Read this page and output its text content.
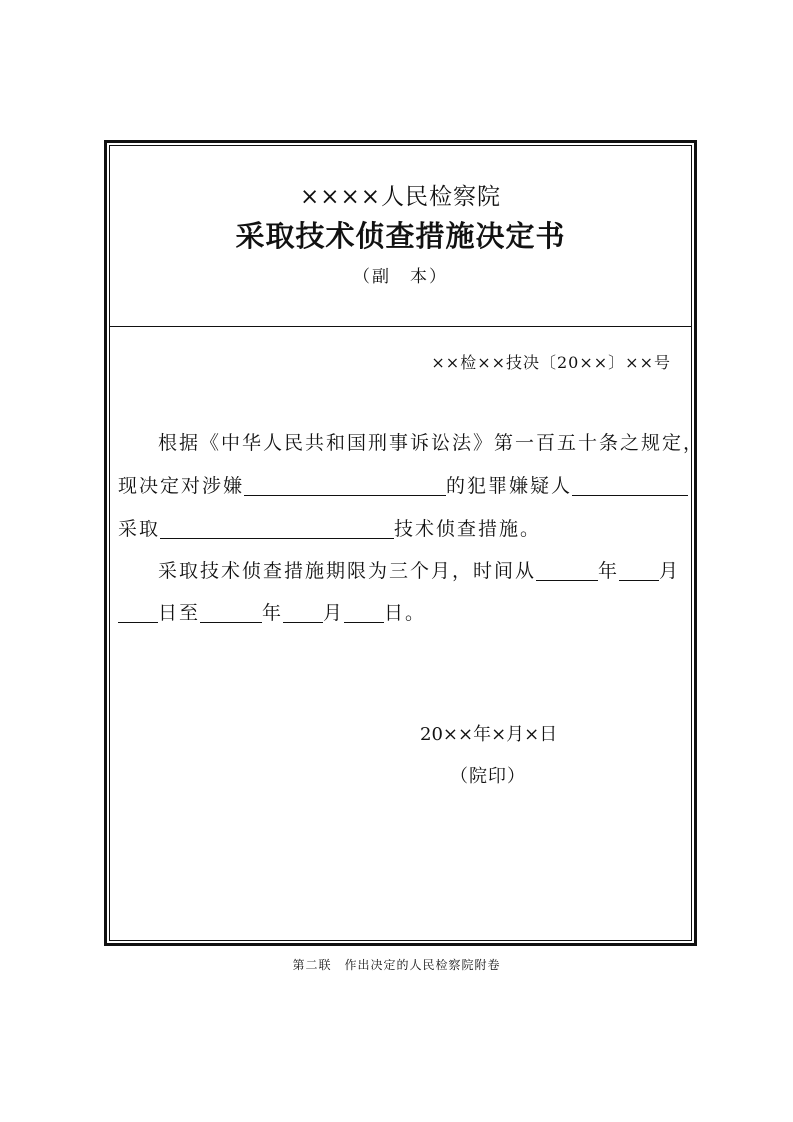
××××人民检察院
采取技术侦查措施决定书
（副　本）
××检××技决〔20××〕××号
根据《中华人民共和国刑事诉讼法》第一百五十条之规定，
现决定对涉嫌	的犯罪嫌疑人
采取	技术侦查措施。
采取技术侦查措施期限为三个月，时间从	年 月
日至	年 月 日。
20××年×月×日
（院印）
第二联　作出决定的人民检察院附卷
